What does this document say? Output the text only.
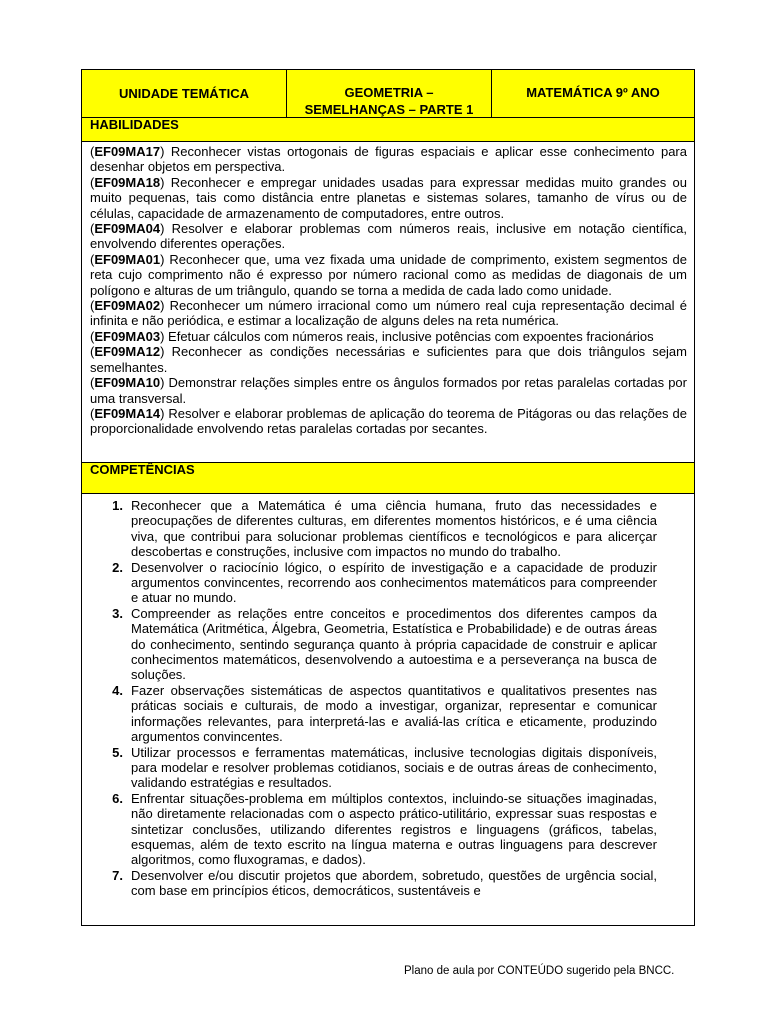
UNIDADE TEMÁTICA	GEOMETRIA –
SEMELHANÇAS – PARTE 1
MATEMÁTICA 9º ANO
HABILIDADES
(EF09MA17) Reconhecer vistas ortogonais de figuras espaciais e aplicar esse conhecimento para desenhar objetos em perspectiva.
(EF09MA18) Reconhecer e empregar unidades usadas para expressar medidas muito grandes ou muito pequenas, tais como distância entre planetas e sistemas solares, tamanho de vírus ou de células, capacidade de armazenamento de computadores, entre outros.
(EF09MA04) Resolver e elaborar problemas com números reais, inclusive em notação científica, envolvendo diferentes operações.
(EF09MA01) Reconhecer que, uma vez fixada uma unidade de comprimento, existem segmentos de reta cujo comprimento não é expresso por número racional como as medidas de diagonais de um polígono e alturas de um triângulo, quando se torna a medida de cada lado como unidade.
(EF09MA02) Reconhecer um número irracional como um número real cuja representação decimal é infinita e não periódica, e estimar a localização de alguns deles na reta numérica.
(EF09MA03) Efetuar cálculos com números reais, inclusive potências com expoentes fracionários
(EF09MA12) Reconhecer as condições necessárias e suficientes para que dois triângulos sejam semelhantes.
(EF09MA10) Demonstrar relações simples entre os ângulos formados por retas paralelas cortadas por uma transversal.
(EF09MA14) Resolver e elaborar problemas de aplicação do teorema de Pitágoras ou das relações de proporcionalidade envolvendo retas paralelas cortadas por secantes.
COMPETÊNCIAS
1. Reconhecer que a Matemática é uma ciência humana, fruto das necessidades e preocupações de diferentes culturas, em diferentes momentos históricos, e é uma ciência viva, que contribui para solucionar problemas científicos e tecnológicos e para alicerçar descobertas e construções, inclusive com impactos no mundo do trabalho.
2. Desenvolver o raciocínio lógico, o espírito de investigação e a capacidade de produzir argumentos convincentes, recorrendo aos conhecimentos matemáticos para compreender e atuar no mundo.
3. Compreender as relações entre conceitos e procedimentos dos diferentes campos da Matemática (Aritmética, Álgebra, Geometria, Estatística e Probabilidade) e de outras áreas do conhecimento, sentindo segurança quanto à própria capacidade de construir e aplicar conhecimentos matemáticos, desenvolvendo a autoestima e a perseverança na busca de soluções.
4. Fazer observações sistemáticas de aspectos quantitativos e qualitativos presentes nas práticas sociais e culturais, de modo a investigar, organizar, representar e comunicar informações relevantes, para interpretá-las e avaliá-las crítica e eticamente, produzindo argumentos convincentes.
5. Utilizar processos e ferramentas matemáticas, inclusive tecnologias digitais disponíveis, para modelar e resolver problemas cotidianos, sociais e de outras áreas de conhecimento, validando estratégias e resultados.
6. Enfrentar situações-problema em múltiplos contextos, incluindo-se situações imaginadas, não diretamente relacionadas com o aspecto prático-utilitário, expressar suas respostas e sintetizar conclusões, utilizando diferentes registros e linguagens (gráficos, tabelas, esquemas, além de texto escrito na língua materna e outras linguagens para descrever algoritmos, como fluxogramas, e dados).
7. Desenvolver e/ou discutir projetos que abordem, sobretudo, questões de urgência social, com base em princípios éticos, democráticos, sustentáveis e
Plano de aula por CONTEÚDO sugerido pela BNCC.
